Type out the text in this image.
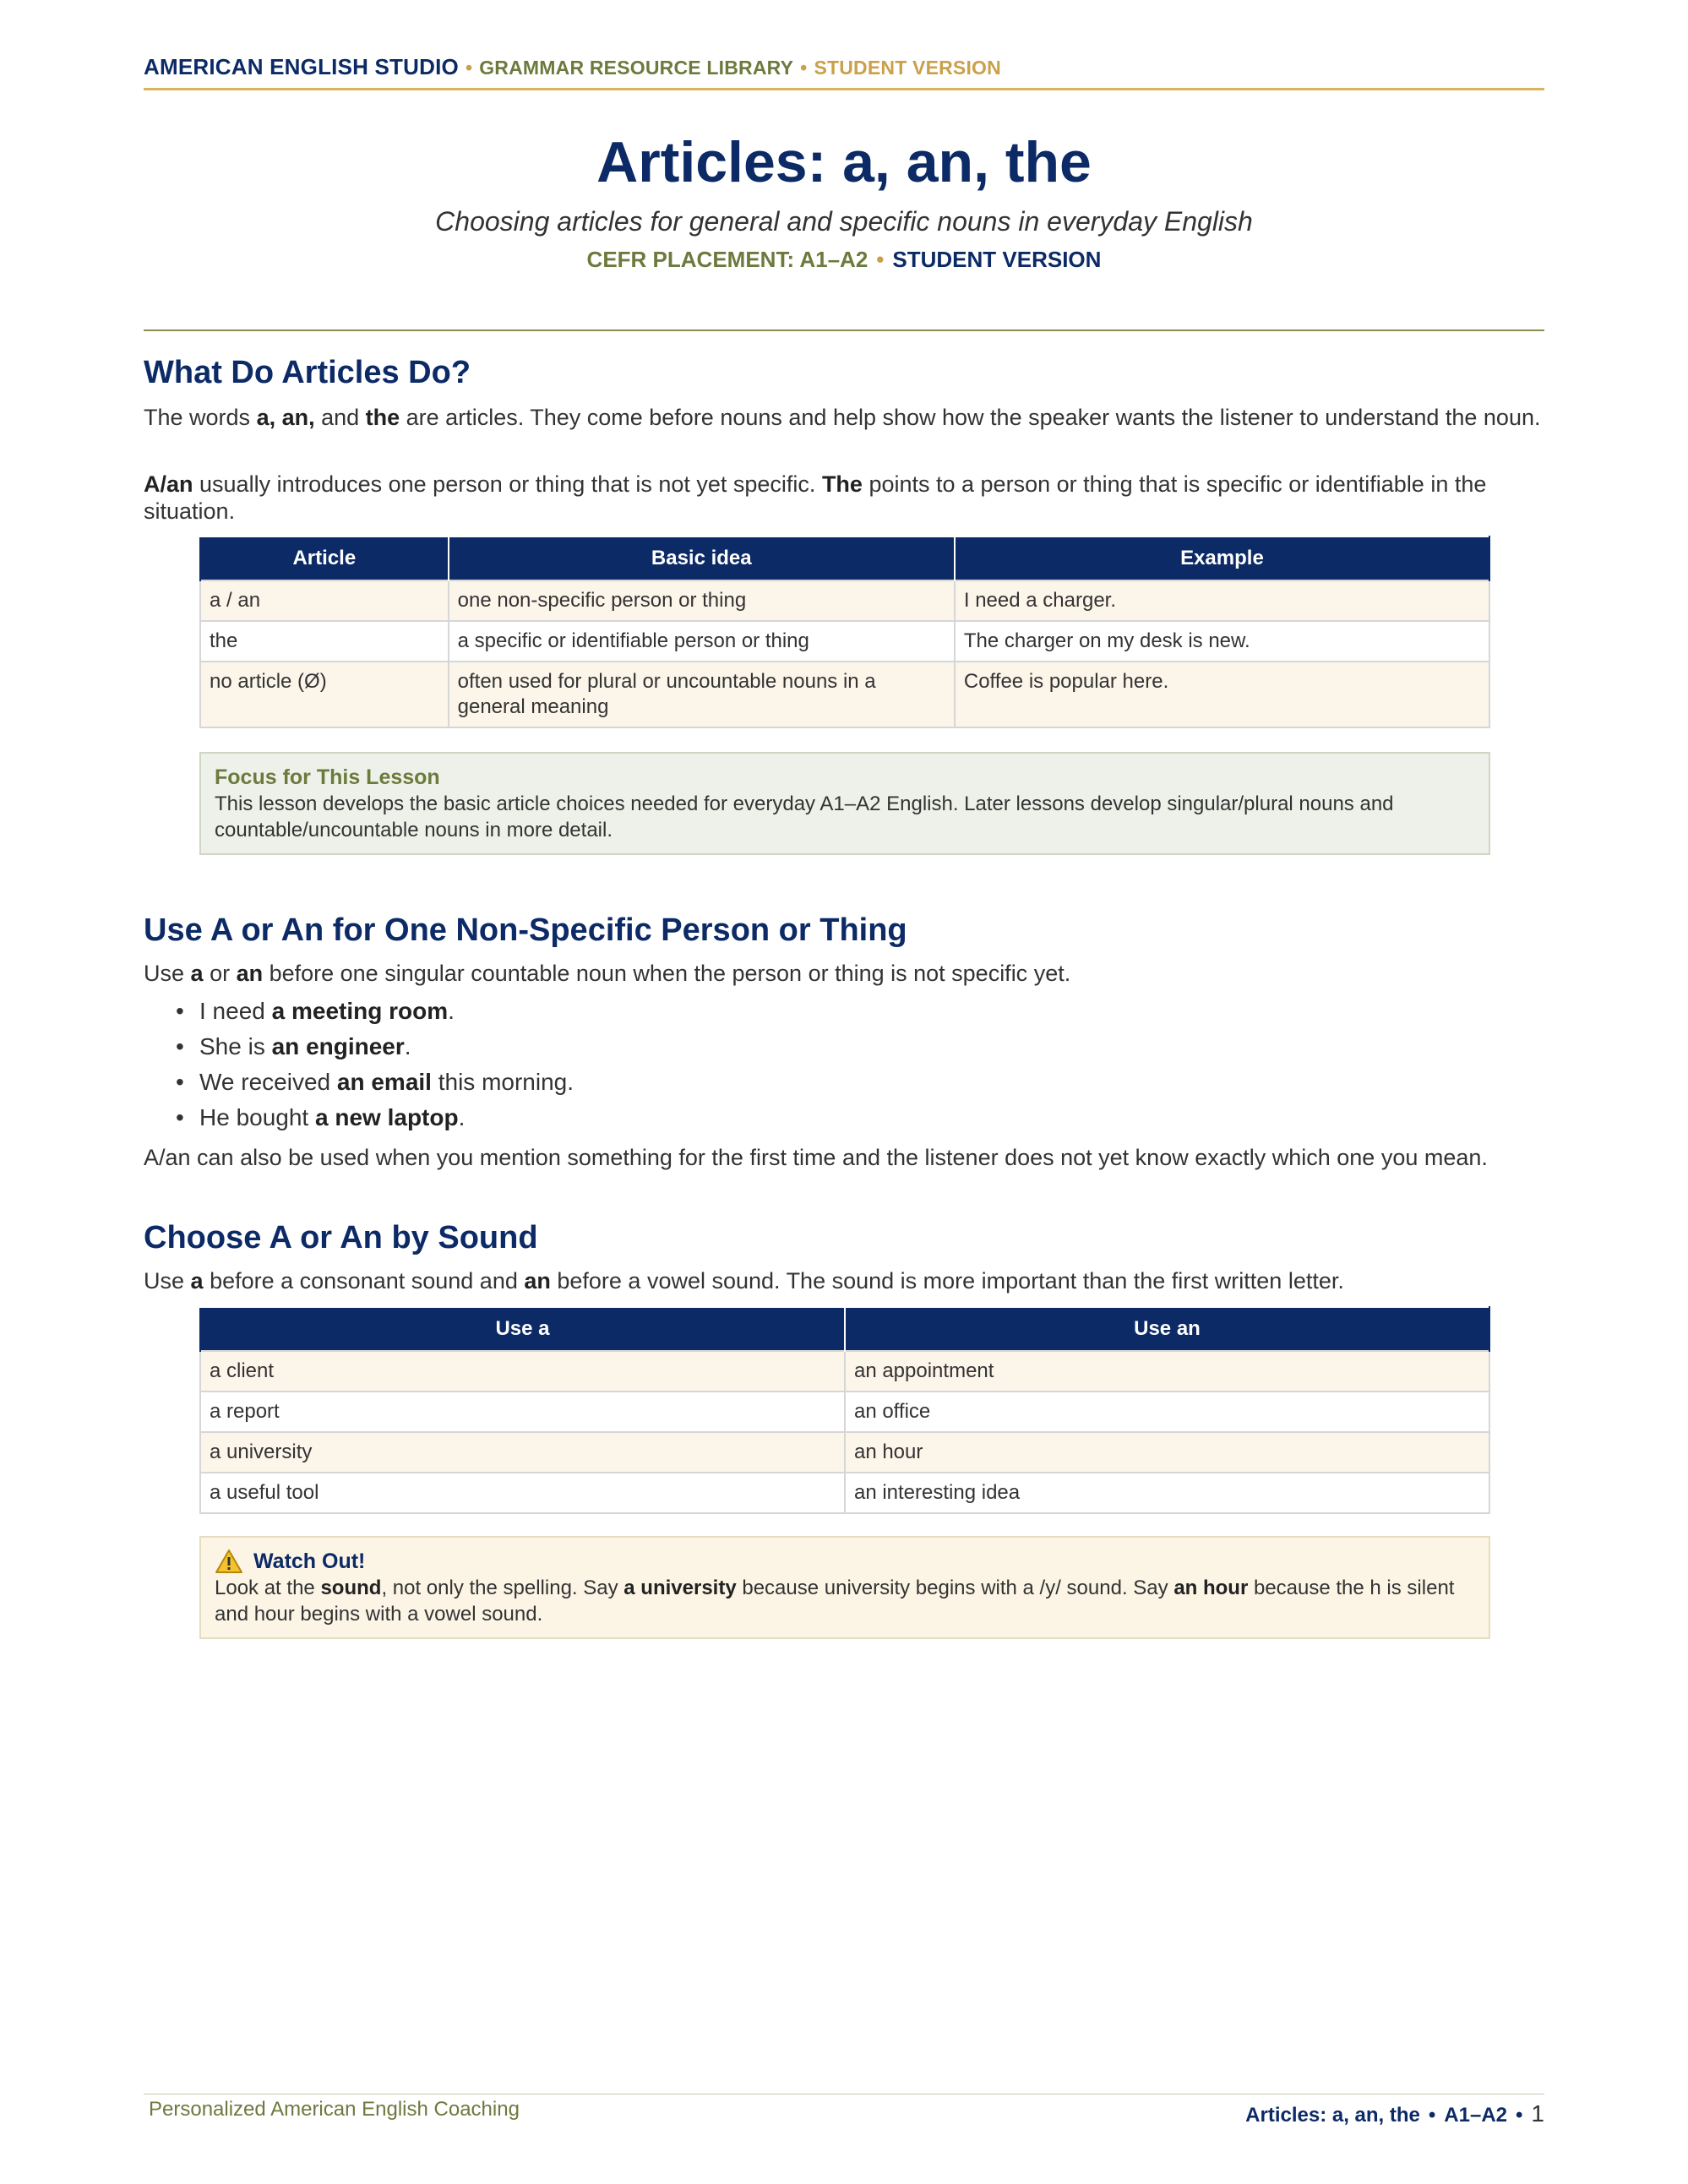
AMERICAN ENGLISH STUDIO • GRAMMAR RESOURCE LIBRARY • STUDENT VERSION
Articles: a, an, the
Choosing articles for general and specific nouns in everyday English
CEFR PLACEMENT: A1–A2 • STUDENT VERSION
What Do Articles Do?

The words a, an, and the are articles. They come before nouns and help show how the speaker wants the listener to understand the noun.

A/an usually introduces one person or thing that is not yet specific. The points to a person or thing that is specific or identifiable in the situation.

Article	Basic idea	Example
a / an	one non-specific person or thing	I need a charger.
the	a specific or identifiable person or thing	The charger on my desk is new.
no article (Ø)	often used for plural or uncountable nouns in a general meaning	Coffee is popular here.
Focus for This Lesson
This lesson develops the basic article choices needed for everyday A1–A2 English. Later lessons develop singular/plural nouns and countable/uncountable nouns in more detail.
Use A or An for One Non-Specific Person or Thing

Use a or an before one singular countable noun when the person or thing is not specific yet.

• I need a meeting room.
• She is an engineer.
• We received an email this morning.
• He bought a new laptop.

A/an can also be used when you mention something for the first time and the listener does not yet know exactly which one you mean.

Choose A or An by Sound

Use a before a consonant sound and an before a vowel sound. The sound is more important than the first written letter.

Use a	Use an
a client	an appointment
a report	an office
a university	an hour
a useful tool	an interesting idea
Watch Out!
Look at the sound, not only the spelling. Say a university because university begins with a /y/ sound. Say an hour because the h is silent and hour begins with a vowel sound.
Personalized American English Coaching	Articles: a, an, the • A1–A2 • 1
